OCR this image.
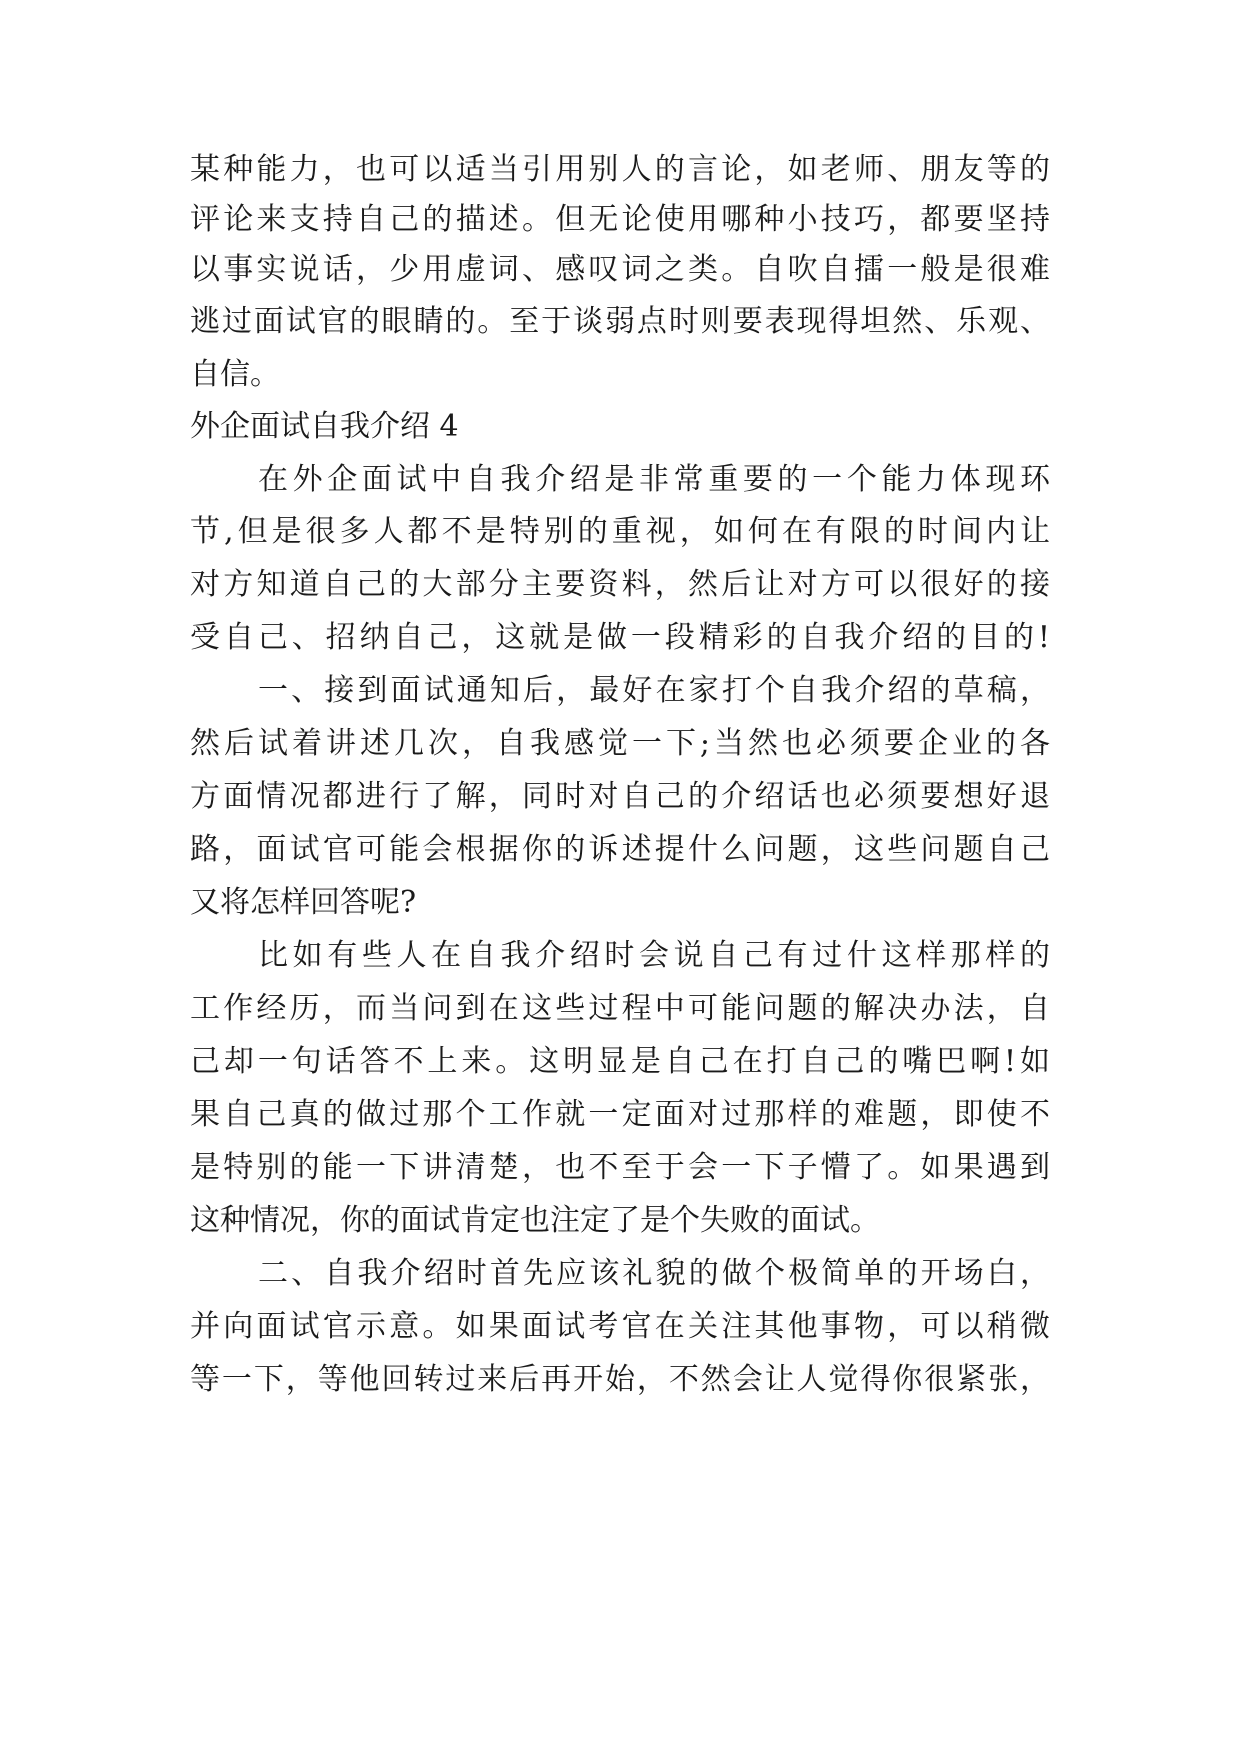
某种能力，也可以适当引用别人的言论，如老师、朋友等的
评论来支持自己的描述。但无论使用哪种小技巧，都要坚持
以事实说话，少用虚词、感叹词之类。自吹自擂一般是很难
逃过面试官的眼睛的。至于谈弱点时则要表现得坦然、乐观、
自信。
外企面试自我介绍 4
在外企面试中自我介绍是非常重要的一个能力体现环
节,但是很多人都不是特别的重视，如何在有限的时间内让
对方知道自己的大部分主要资料，然后让对方可以很好的接
受自己、招纳自己，这就是做一段精彩的自我介绍的目的!
一、接到面试通知后，最好在家打个自我介绍的草稿，
然后试着讲述几次，自我感觉一下;当然也必须要企业的各
方面情况都进行了解，同时对自己的介绍话也必须要想好退
路，面试官可能会根据你的诉述提什么问题，这些问题自己
又将怎样回答呢?
比如有些人在自我介绍时会说自己有过什这样那样的
工作经历，而当问到在这些过程中可能问题的解决办法，自
己却一句话答不上来。这明显是自己在打自己的嘴巴啊!如
果自己真的做过那个工作就一定面对过那样的难题，即使不
是特别的能一下讲清楚，也不至于会一下子懵了。如果遇到
这种情况，你的面试肯定也注定了是个失败的面试。
二、自我介绍时首先应该礼貌的做个极简单的开场白，
并向面试官示意。如果面试考官在关注其他事物，可以稍微
等一下，等他回转过来后再开始，不然会让人觉得你很紧张，
